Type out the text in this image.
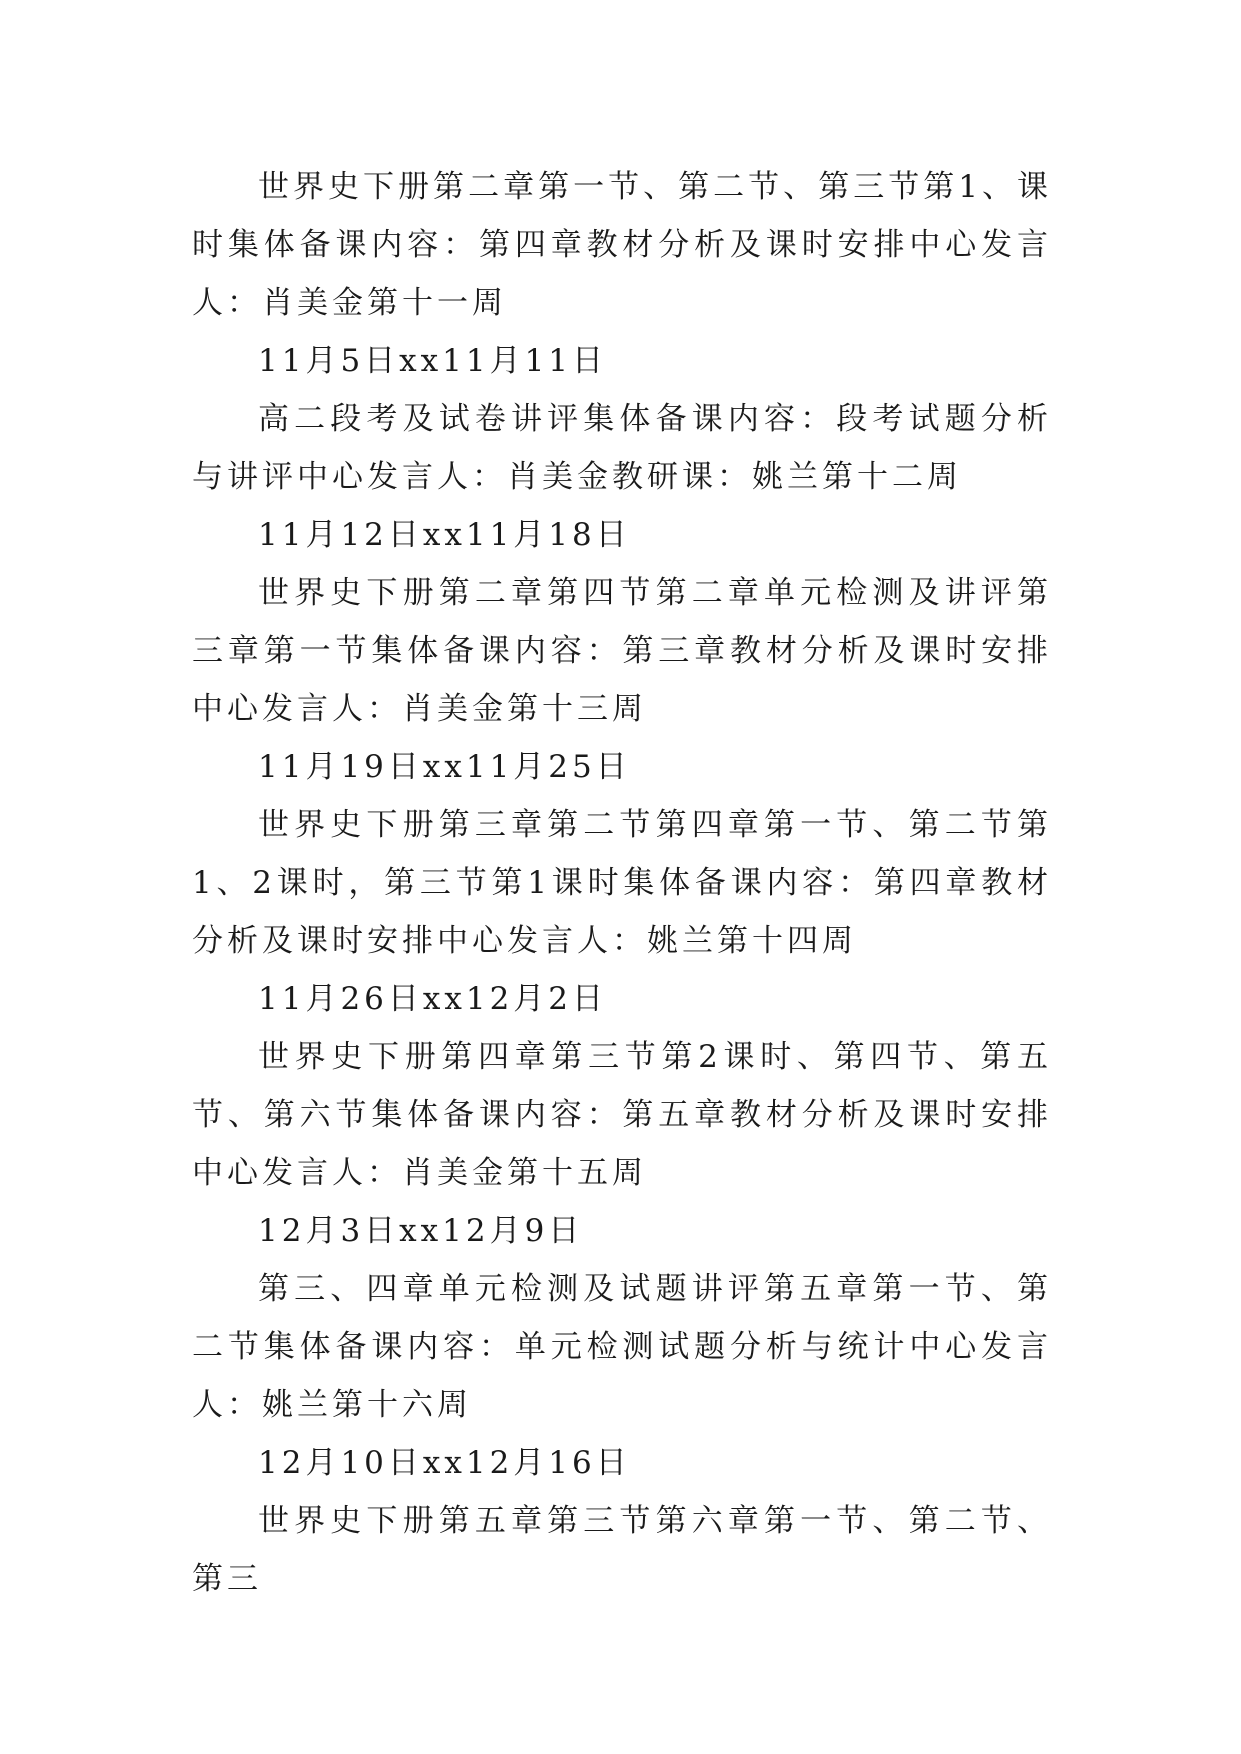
世界史下册第二章第一节、第二节、第三节第1、课时集体备课内容：第四章教材分析及课时安排中心发言人：肖美金第十一周

11月5日xx11月11日

高二段考及试卷讲评集体备课内容：段考试题分析与讲评中心发言人：肖美金教研课：姚兰第十二周

11月12日xx11月18日

世界史下册第二章第四节第二章单元检测及讲评第三章第一节集体备课内容：第三章教材分析及课时安排中心发言人：肖美金第十三周

11月19日xx11月25日

世界史下册第三章第二节第四章第一节、第二节第1、2课时，第三节第1课时集体备课内容：第四章教材分析及课时安排中心发言人：姚兰第十四周

11月26日xx12月2日

世界史下册第四章第三节第2课时、第四节、第五节、第六节集体备课内容：第五章教材分析及课时安排中心发言人：肖美金第十五周

12月3日xx12月9日

第三、四章单元检测及试题讲评第五章第一节、第二节集体备课内容：单元检测试题分析与统计中心发言人：姚兰第十六周

12月10日xx12月16日

世界史下册第五章第三节第六章第一节、第二节、第三
